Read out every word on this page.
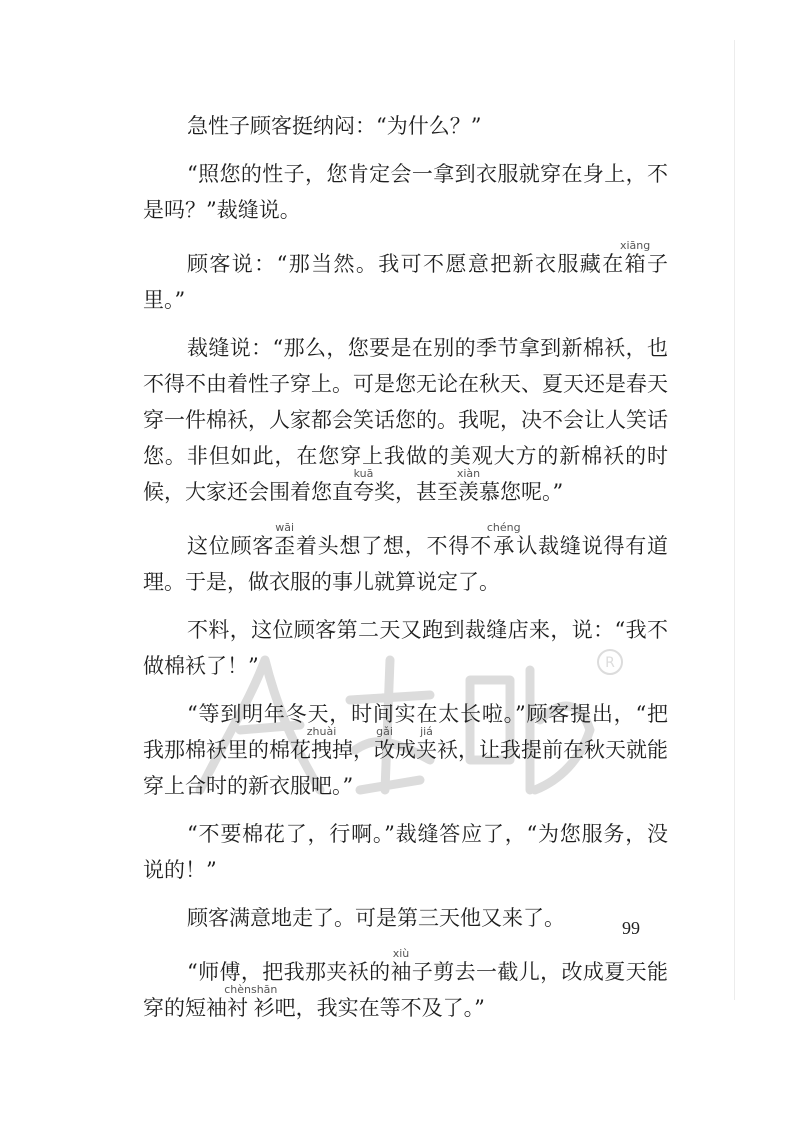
R

急性子顾客挺纳闷：“为什么？”

“照您的性子，您肯定会一拿到衣服就穿在身上，不是吗？”裁缝说。

顾客说：“那当然。我可不愿意把新衣服藏在箱xiāng子里。”

裁缝说：“那么，您要是在别的季节拿到新棉袄，也不得不由着性子穿上。可是您无论在秋天、夏天还是春天穿一件棉袄，人家都会笑话您的。我呢，决不会让人笑话您。非但如此，在您穿上我做的美观大方的新棉袄的时候，大家还会围着您直夸kuā奖，甚至羡xiàn慕您呢。”

这位顾客歪wāi着头想了想，不得不承chéng认裁缝说得有道理。于是，做衣服的事儿就算说定了。

不料，这位顾客第二天又跑到裁缝店来，说：“我不做棉袄了！”

“等到明年冬天，时间实在太长啦。”顾客提出，“把我那棉袄里的棉花拽zhuài掉，改gǎi成夹jiá袄，让我提前在秋天就能穿上合时的新衣服吧。”

“不要棉花了，行啊。”裁缝答应了，“为您服务，没说的！”

顾客满意地走了。可是第三天他又来了。

“师傅，把我那夹袄的袖xiù子剪去一截儿，改成夏天能穿的短袖衬衫chènshān吧，我实在等不及了。”

99
